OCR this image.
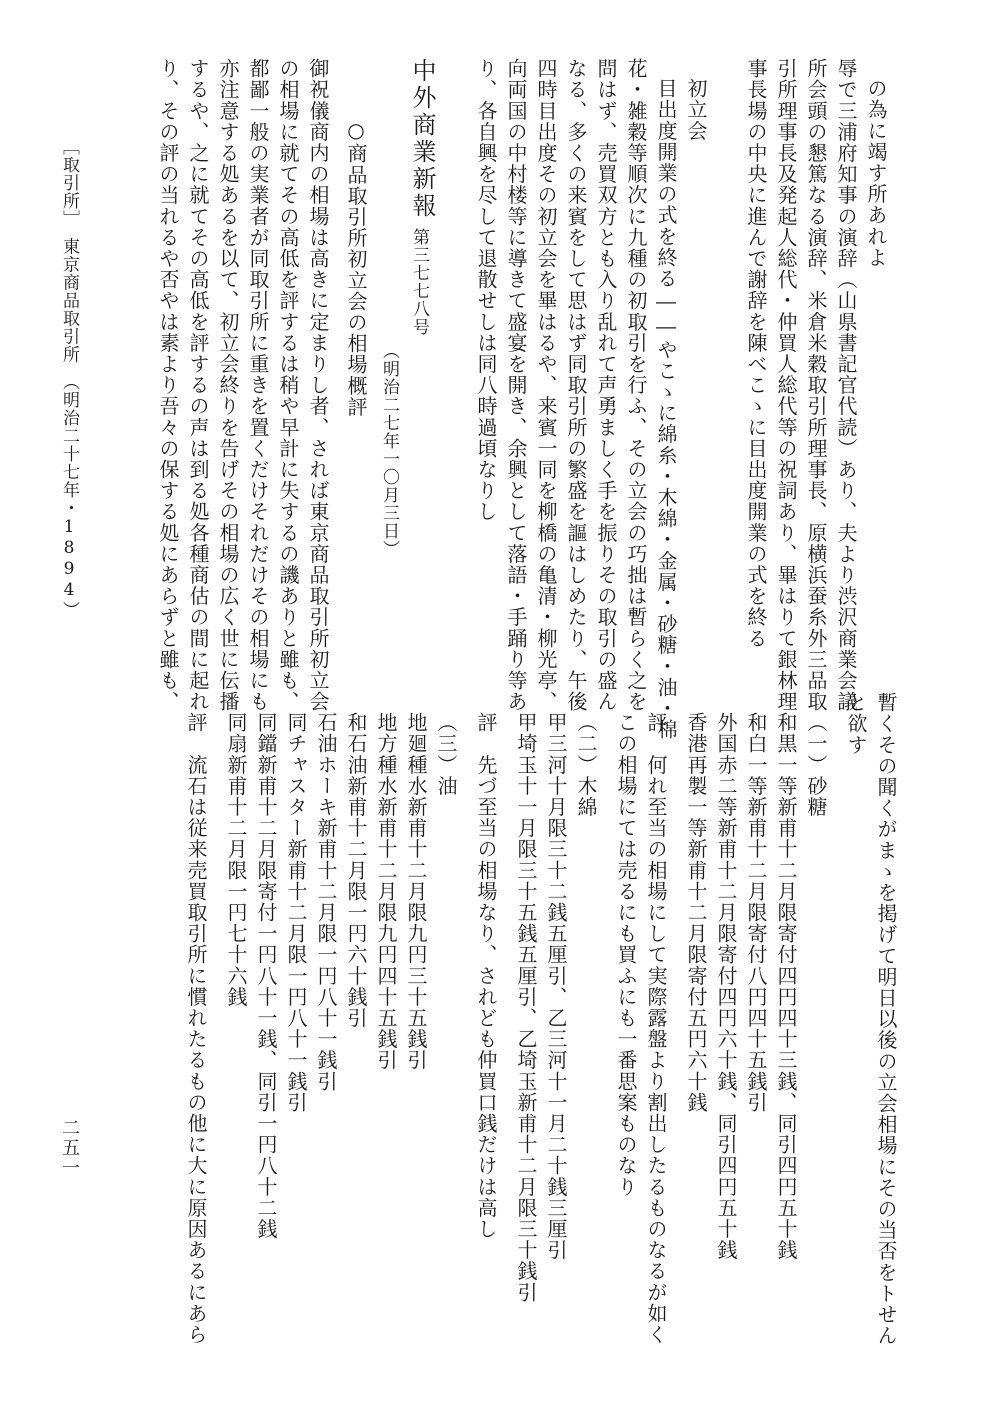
の為に竭す所あれよ
辱で三浦府知事の演辞（山県書記官代読）あり、夫より渋沢商業会議
所会頭の懇篤なる演辞、米倉米穀取引所理事長、原横浜蚕糸外三品取
引所理事長及発起人総代・仲買人総代等の祝詞あり、畢はりて銀林理
事長場の中央に進んで謝辞を陳べこゝに目出度開業の式を終る
初立会
目出度開業の式を終る――やこゝに綿糸・木綿・金属・砂糖・油・棉
花・雑穀等順次に九種の初取引を行ふ、その立会の巧拙は暫らく之を
問はず、売買双方とも入り乱れて声勇ましく手を振りその取引の盛ん
なる、多くの来賓をして思はず同取引所の繁盛を謳はしめたり、午後
四時目出度その初立会を畢はるや、来賓一同を柳橋の亀清・柳光亭、
向両国の中村楼等に導きて盛宴を開き、余興として落語・手踊り等あ
り、各自興を尽して退散せしは同八時過頃なりし
中外商業新報
第三七七八号
（明治二七年一〇月三日）
○商品取引所初立会の相場概評
御祝儀商内の相場は高きに定まりし者、されば東京商品取引所初立会
の相場に就てその高低を評するは稍や早計に失するの譏ありと雖も、
都鄙一般の実業者が同取引所に重きを置くだけそれだけその相場にも
亦注意する処あるを以て、初立会終りを告げその相場の広く世に伝播
するや、之に就てその高低を評するの声は到る処各種商估の間に起れ
り、その評の当れるや否やは素より吾々の保する処にあらずと雖も、
［取引所］　東京商品取引所　（明治二十七年・1894）
暫くその聞くがまゝを掲げて明日以後の立会相場にその当否をトせん
と欲す
（一）砂糖
和黒一等新甫十二月限寄付四円四十三銭、同引四円五十銭
和白一等新甫十二月限寄付八円四十五銭引
外国赤二等新甫十二月限寄付四円六十銭、同引四円五十銭
香港再製一等新甫十二月限寄付五円六十銭
評　何れ至当の相場にして実際露盤より割出したるものなるが如く
この相場にては売るにも買ふにも一番思案ものなり
（二）木綿
甲三河十月限三十二銭五厘引、乙三河十一月二十銭三厘引
甲埼玉十一月限三十五銭五厘引、乙埼玉新甫十二月限三十銭引
評　先づ至当の相場なり、されども仲買口銭だけは高し
（三）油
地廻種水新甫十二月限九円三十五銭引
地方種水新甫十二月限九円四十五銭引
和石油新甫十二月限一円六十銭引
石油ホーキ新甫十二月限一円八十一銭引
同チャスター新甫十二月限一円八十一銭引
同鐺新甫十二月限寄付一円八十一銭、同引一円八十二銭
同扇新甫十二月限一円七十六銭
評　流石は従来売買取引所に慣れたるもの他に大に原因あるにあら
二五一
